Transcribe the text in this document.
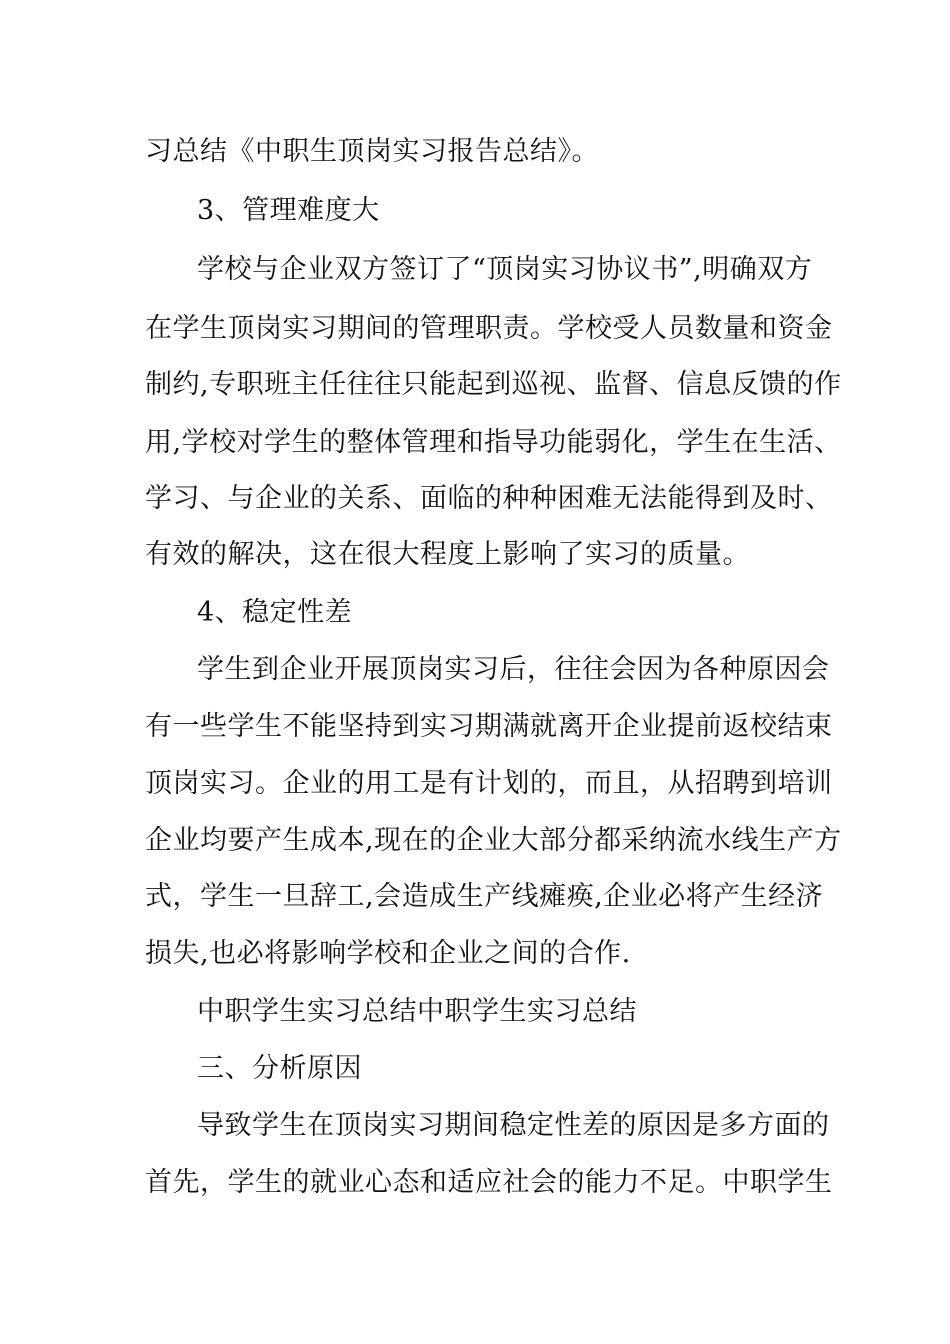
习总结《中职生顶岗实习报告总结》。
3、管理难度大
学校与企业双方签订了“顶岗实习协议书”,明确双方
在学生顶岗实习期间的管理职责。学校受人员数量和资金
制约,专职班主任往往只能起到巡视、监督、信息反馈的作
用,学校对学生的整体管理和指导功能弱化，学生在生活、
学习、与企业的关系、面临的种种困难无法能得到及时、
有效的解决，这在很大程度上影响了实习的质量。
4、稳定性差
学生到企业开展顶岗实习后，往往会因为各种原因会
有一些学生不能坚持到实习期满就离开企业提前返校结束
顶岗实习。企业的用工是有计划的，而且，从招聘到培训
企业均要产生成本,现在的企业大部分都采纳流水线生产方
式，学生一旦辞工,会造成生产线瘫痪,企业必将产生经济
损失,也必将影响学校和企业之间的合作.
中职学生实习总结中职学生实习总结
三、分析原因
导致学生在顶岗实习期间稳定性差的原因是多方面的
首先，学生的就业心态和适应社会的能力不足。中职学生
